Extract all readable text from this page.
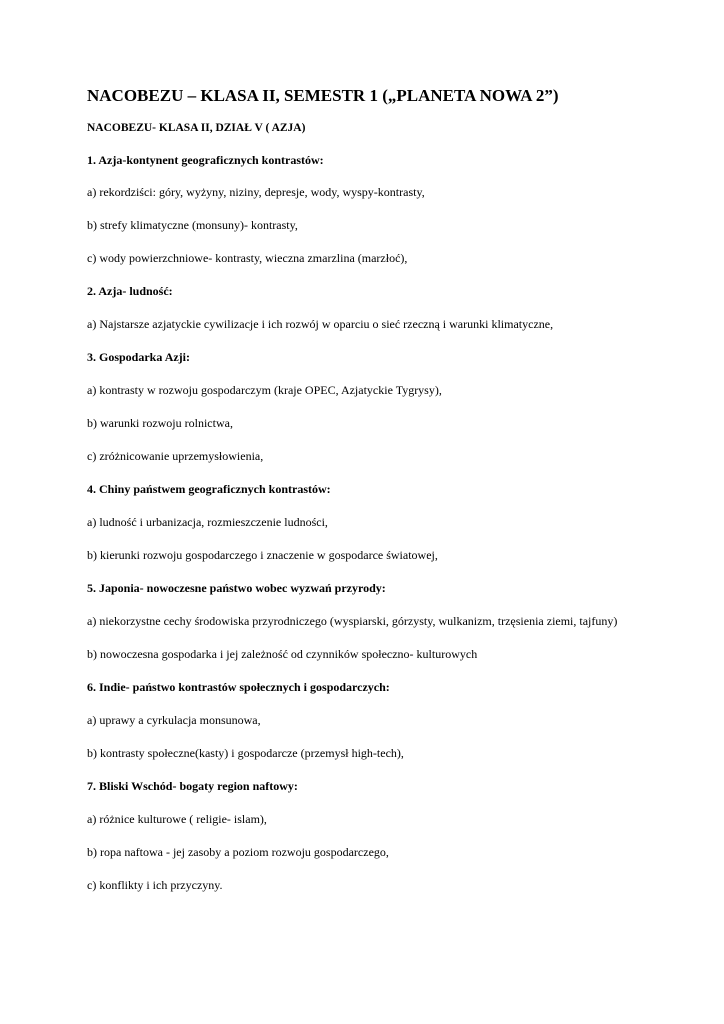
NACOBEZU – KLASA II, SEMESTR 1 („PLANETA NOWA 2”)
NACOBEZU- KLASA II, DZIAŁ V ( AZJA)
1. Azja-kontynent geograficznych kontrastów:
a) rekordziści: góry, wyżyny, niziny, depresje, wody, wyspy-kontrasty,
b) strefy klimatyczne (monsuny)- kontrasty,
c) wody powierzchniowe- kontrasty, wieczna zmarzlina (marzłoć),
2. Azja- ludność:
a) Najstarsze azjatyckie cywilizacje i ich rozwój w oparciu o sieć rzeczną i warunki klimatyczne,
3. Gospodarka Azji:
a) kontrasty w rozwoju gospodarczym (kraje OPEC, Azjatyckie Tygrysy),
b) warunki rozwoju rolnictwa,
c) zróżnicowanie uprzemysłowienia,
4. Chiny państwem geograficznych kontrastów:
a) ludność i urbanizacja, rozmieszczenie ludności,
b) kierunki rozwoju gospodarczego i znaczenie w gospodarce światowej,
5. Japonia- nowoczesne państwo wobec wyzwań przyrody:
a) niekorzystne cechy środowiska przyrodniczego (wyspiarski, górzysty, wulkanizm, trzęsienia ziemi, tajfuny)
b) nowoczesna gospodarka i jej zależność od czynników społeczno- kulturowych
6. Indie- państwo kontrastów społecznych i gospodarczych:
a) uprawy a cyrkulacja monsunowa,
b) kontrasty społeczne(kasty) i gospodarcze (przemysł high-tech),
7. Bliski Wschód- bogaty region naftowy:
a) różnice kulturowe ( religie- islam),
b) ropa naftowa - jej zasoby a poziom rozwoju gospodarczego,
c) konflikty i ich przyczyny.
